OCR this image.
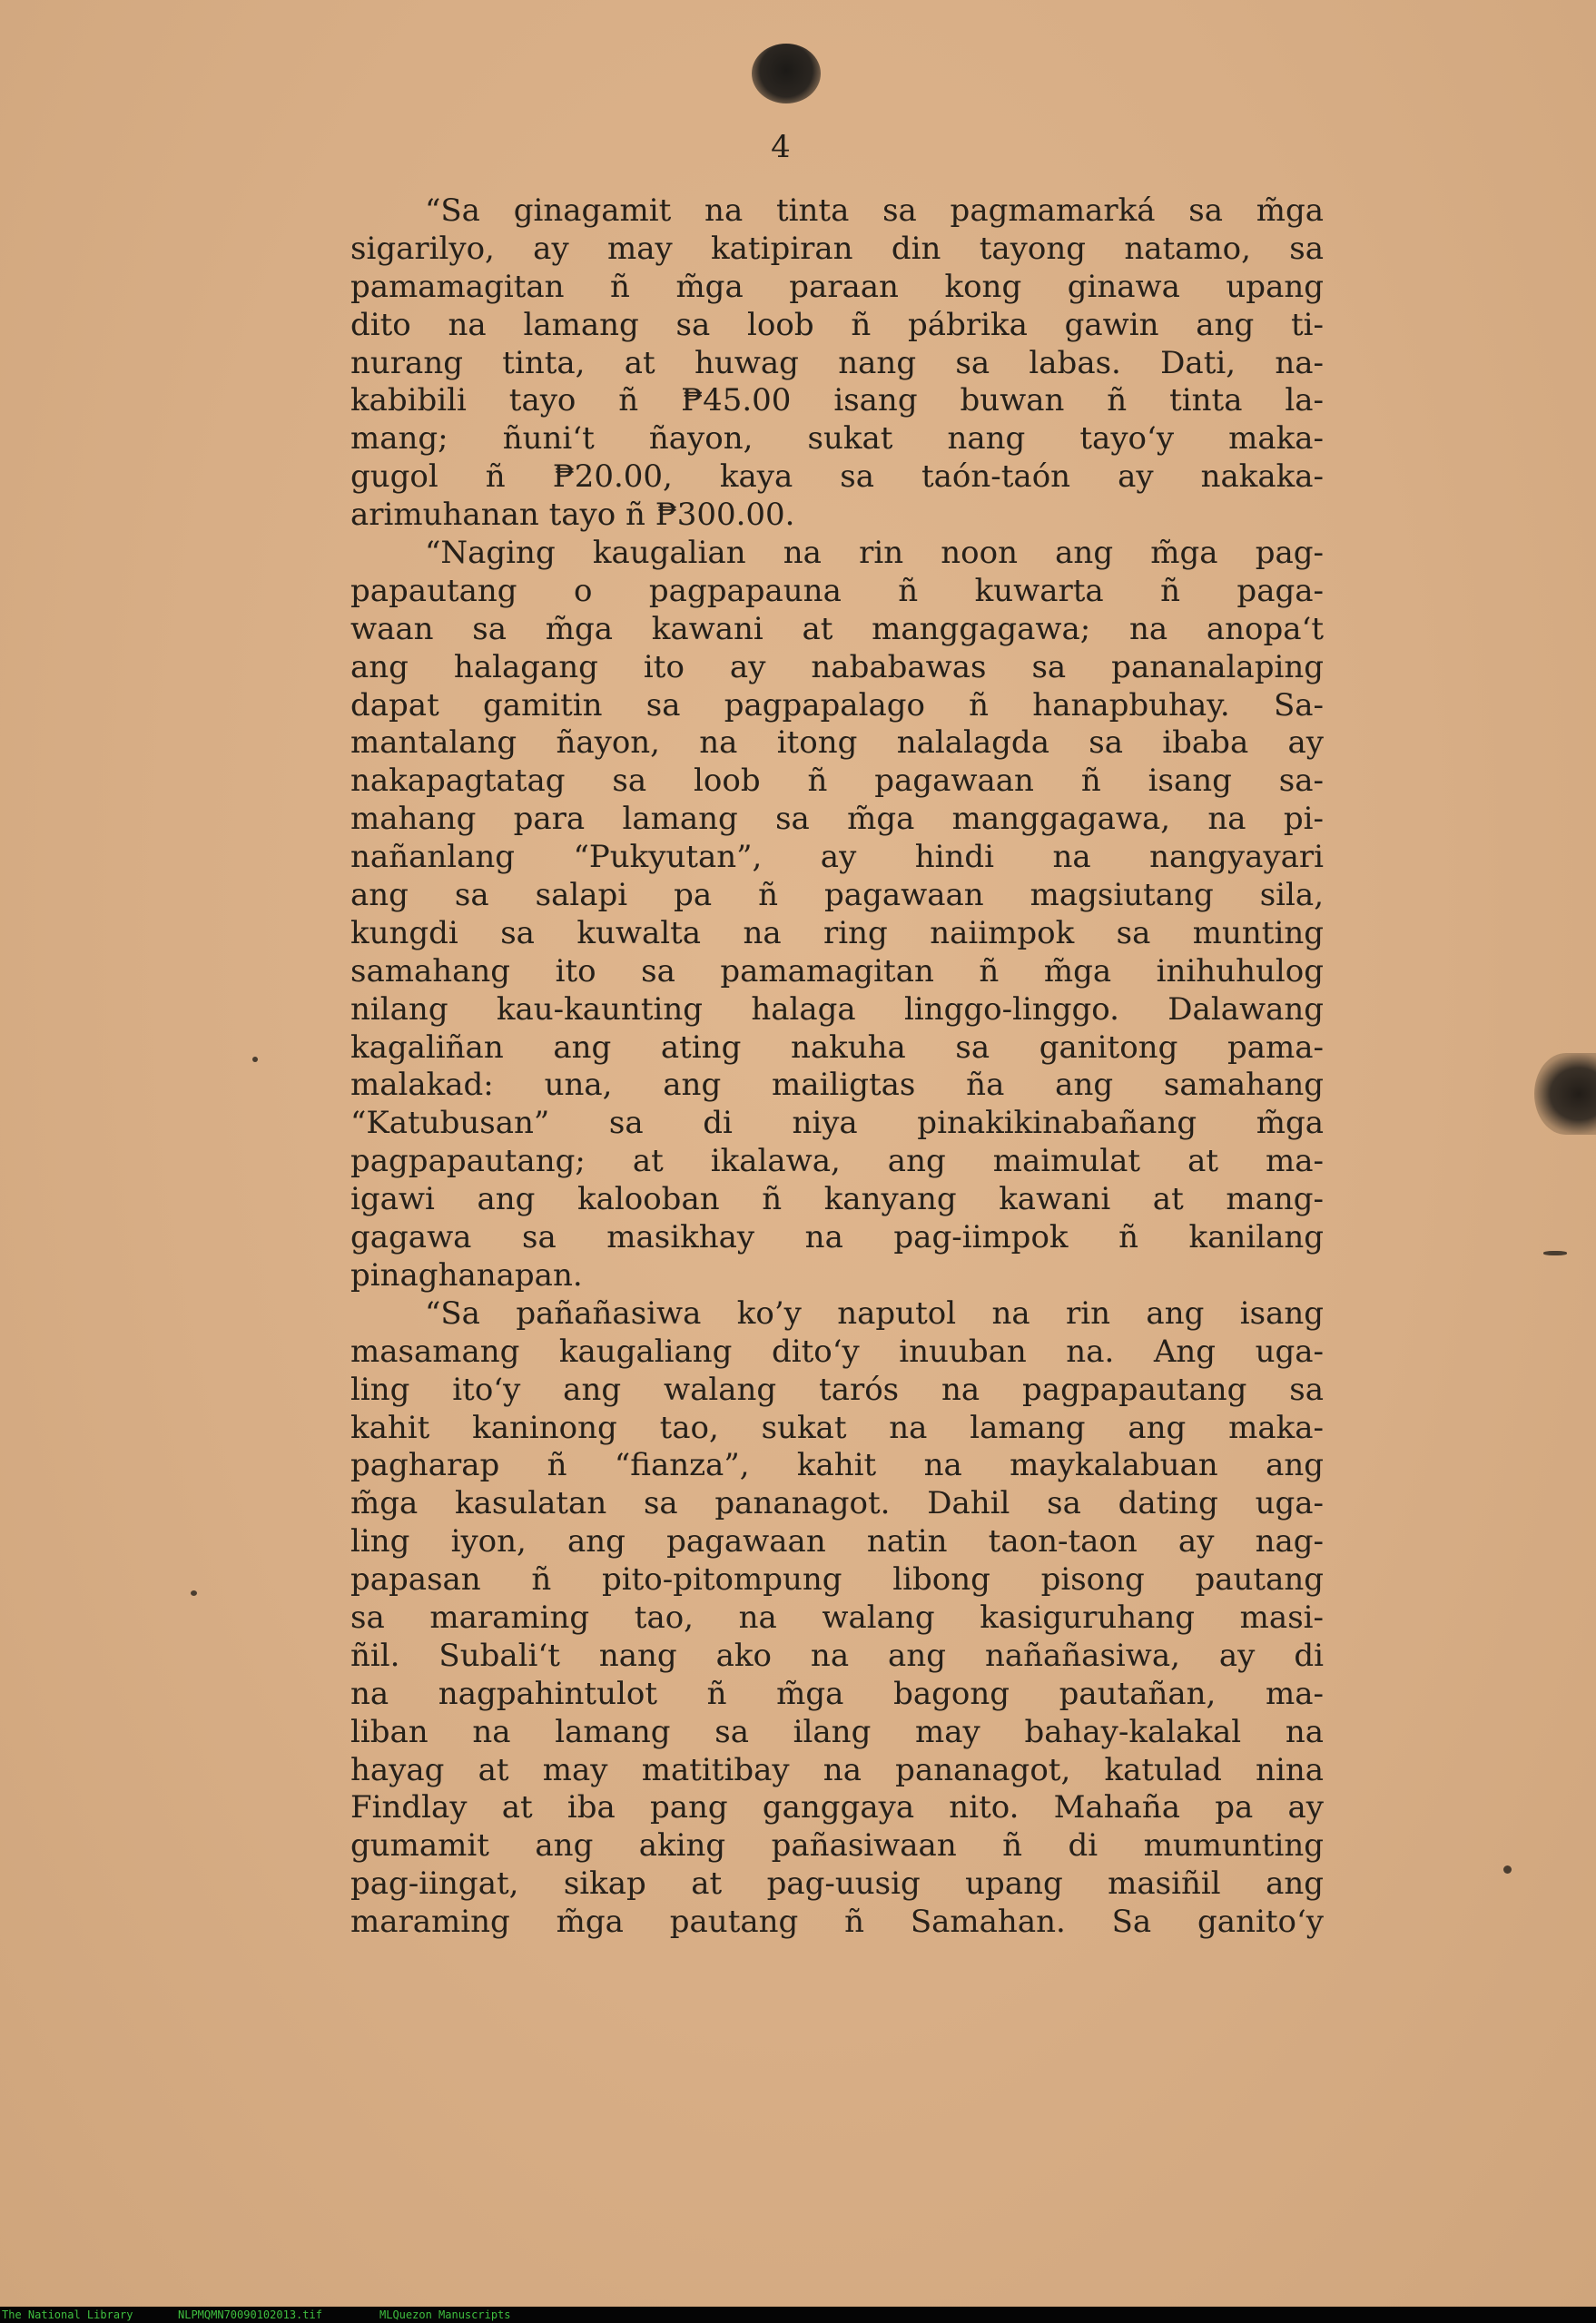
4
“Sa ginagamit na tinta sa pagmamarká sa m̃ga
sigarilyo, ay may katipiran din tayong natamo, sa
pamamagitan ñ m̃ga paraan kong ginawa upang
dito na lamang sa loob ñ pábrika gawin ang ti-
nurang tinta, at huwag nang sa labas. Dati, na-
kabibili tayo ñ ₱45.00 isang buwan ñ tinta la-
mang; ñuni‘t ñayon, sukat nang tayo‘y maka-
gugol ñ ₱20.00, kaya sa taón-taón ay nakaka-
arimuhanan tayo ñ ₱300.00.
“Naging kaugalian na rin noon ang m̃ga pag-
papautang o pagpapauna ñ kuwarta ñ paga-
waan sa m̃ga kawani at manggagawa; na anopa‘t
ang halagang ito ay nababawas sa pananalaping
dapat gamitin sa pagpapalago ñ hanapbuhay. Sa-
mantalang ñayon, na itong nalalagda sa ibaba ay
nakapagtatag sa loob ñ pagawaan ñ isang sa-
mahang para lamang sa m̃ga manggagawa, na pi-
nañanlang “Pukyutan”, ay hindi na nangyayari
ang sa salapi pa ñ pagawaan magsiutang sila,
kungdi sa kuwalta na ring naiimpok sa munting
samahang ito sa pamamagitan ñ m̃ga inihuhulog
nilang kau-kaunting halaga linggo-linggo. Dalawang
kagaliñan ang ating nakuha sa ganitong pama-
malakad: una, ang mailigtas ña ang samahang
“Katubusan” sa di niya pinakikinabañang m̃ga
pagpapautang; at ikalawa, ang maimulat at ma-
igawi ang kalooban ñ kanyang kawani at mang-
gagawa sa masikhay na pag-iimpok ñ kanilang
pinaghanapan.
“Sa pañañasiwa ko’y naputol na rin ang isang
masamang kaugaliang dito‘y inuuban na. Ang uga-
ling ito‘y ang walang tarós na pagpapautang sa
kahit kaninong tao, sukat na lamang ang maka-
pagharap ñ “fianza”, kahit na maykalabuan ang
m̃ga kasulatan sa pananagot. Dahil sa dating uga-
ling iyon, ang pagawaan natin taon-taon ay nag-
papasan ñ pito-pitompung libong pisong pautang
sa maraming tao, na walang kasiguruhang masi-
ñil. Subali‘t nang ako na ang nañañasiwa, ay di
na nagpahintulot ñ m̃ga bagong pautañan, ma-
liban na lamang sa ilang may bahay-kalakal na
hayag at may matitibay na pananagot, katulad nina
Findlay at iba pang ganggaya nito. Mahaña pa ay
gumamit ang aking pañasiwaan ñ di mumunting
pag-iingat, sikap at pag-uusig upang masiñil ang
maraming m̃ga pautang ñ Samahan. Sa ganito‘y
The National Library	NLPMQMN70090102013.tif	MLQuezon Manuscripts
